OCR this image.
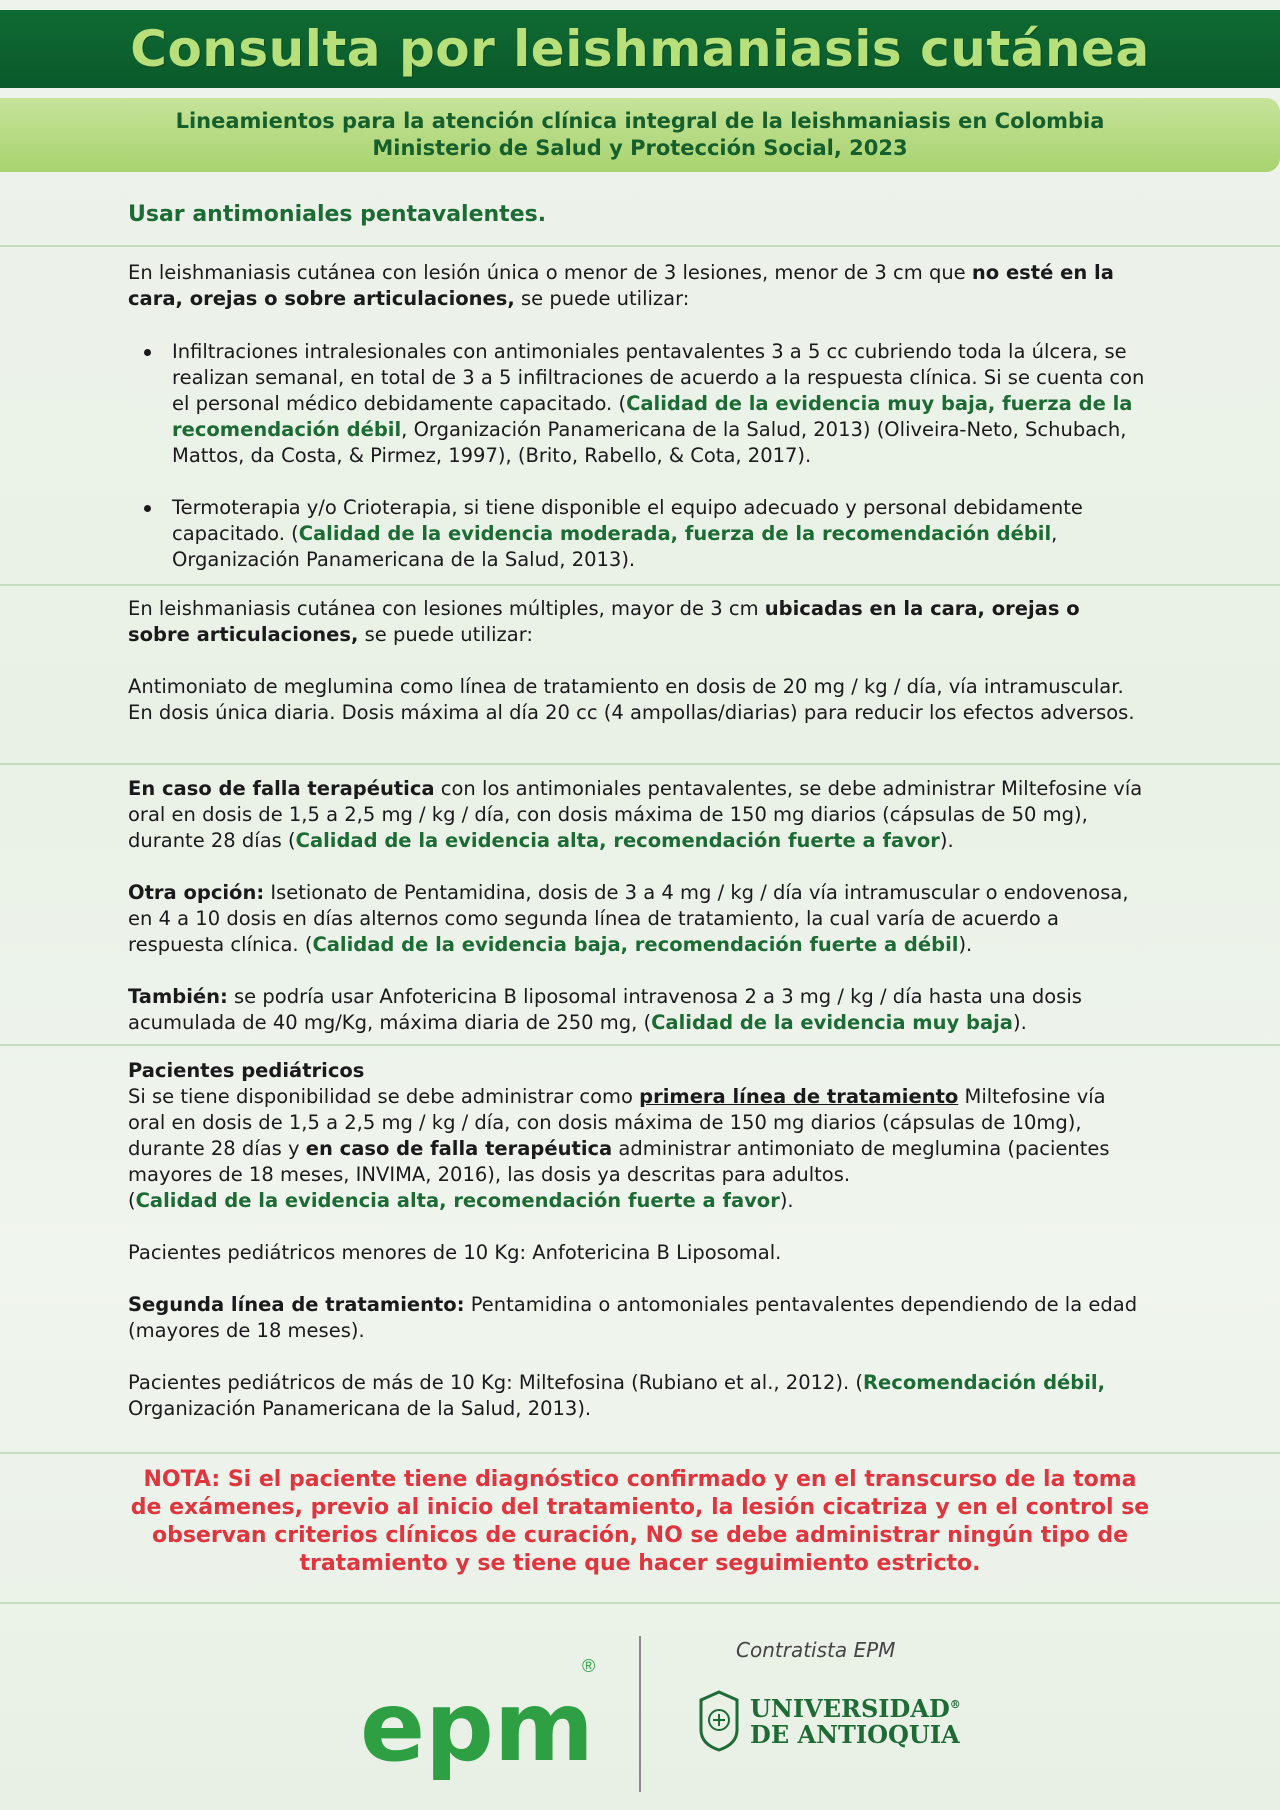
Consulta por leishmaniasis cutánea
Lineamientos para la atención clínica integral de la leishmaniasis en Colombia
Ministerio de Salud y Protección Social, 2023
Usar antimoniales pentavalentes.

En leishmaniasis cutánea con lesión única o menor de 3 lesiones, menor de 3 cm que no esté en la cara, orejas o sobre articulaciones, se puede utilizar:

Infiltraciones intralesionales con antimoniales pentavalentes 3 a 5 cc cubriendo toda la úlcera, se realizan semanal, en total de 3 a 5 infiltraciones de acuerdo a la respuesta clínica. Si se cuenta con el personal médico debidamente capacitado. (Calidad de la evidencia muy baja, fuerza de la recomendación débil, Organización Panamericana de la Salud, 2013) (Oliveira-Neto, Schubach, Mattos, da Costa, & Pirmez, 1997), (Brito, Rabello, & Cota, 2017).
Termoterapia y/o Crioterapia, si tiene disponible el equipo adecuado y personal debidamente capacitado. (Calidad de la evidencia moderada, fuerza de la recomendación débil, Organización Panamericana de la Salud, 2013).

En leishmaniasis cutánea con lesiones múltiples, mayor de 3 cm ubicadas en la cara, orejas o sobre articulaciones, se puede utilizar:

Antimoniato de meglumina como línea de tratamiento en dosis de 20 mg / kg / día, vía intramuscular. En dosis única diaria. Dosis máxima al día 20 cc (4 ampollas/diarias) para reducir los efectos adversos.

En caso de falla terapéutica con los antimoniales pentavalentes, se debe administrar Miltefosine vía oral en dosis de 1,5 a 2,5 mg / kg / día, con dosis máxima de 150 mg diarios (cápsulas de 50 mg), durante 28 días (Calidad de la evidencia alta, recomendación fuerte a favor).

Otra opción: Isetionato de Pentamidina, dosis de 3 a 4 mg / kg / día vía intramuscular o endovenosa, en 4 a 10 dosis en días alternos como segunda línea de tratamiento, la cual varía de acuerdo a respuesta clínica. (Calidad de la evidencia baja, recomendación fuerte a débil).

También: se podría usar Anfotericina B liposomal intravenosa 2 a 3 mg / kg / día hasta una dosis acumulada de 40 mg/Kg, máxima diaria de 250 mg, (Calidad de la evidencia muy baja).

Pacientes pediátricos

Si se tiene disponibilidad se debe administrar como primera línea de tratamiento Miltefosine vía oral en dosis de 1,5 a 2,5 mg / kg / día, con dosis máxima de 150 mg diarios (cápsulas de 10mg), durante 28 días y en caso de falla terapéutica administrar antimoniato de meglumina (pacientes mayores de 18 meses, INVIMA, 2016), las dosis ya descritas para adultos.
(Calidad de la evidencia alta, recomendación fuerte a favor).

Pacientes pediátricos menores de 10 Kg: Anfotericina B Liposomal.

Segunda línea de tratamiento: Pentamidina o antomoniales pentavalentes dependiendo de la edad (mayores de 18 meses).

Pacientes pediátricos de más de 10 Kg: Miltefosina (Rubiano et al., 2012). (Recomendación débil, Organización Panamericana de la Salud, 2013).

NOTA: Si el paciente tiene diagnóstico confirmado y en el transcurso de la toma de exámenes, previo al inicio del tratamiento, la lesión cicatriza y en el control se observan criterios clínicos de curación, NO se debe administrar ningún tipo de tratamiento y se tiene que hacer seguimiento estricto.
epm
®
Contratista EPM
UNIVERSIDAD®
DE ANTIOQUIA
